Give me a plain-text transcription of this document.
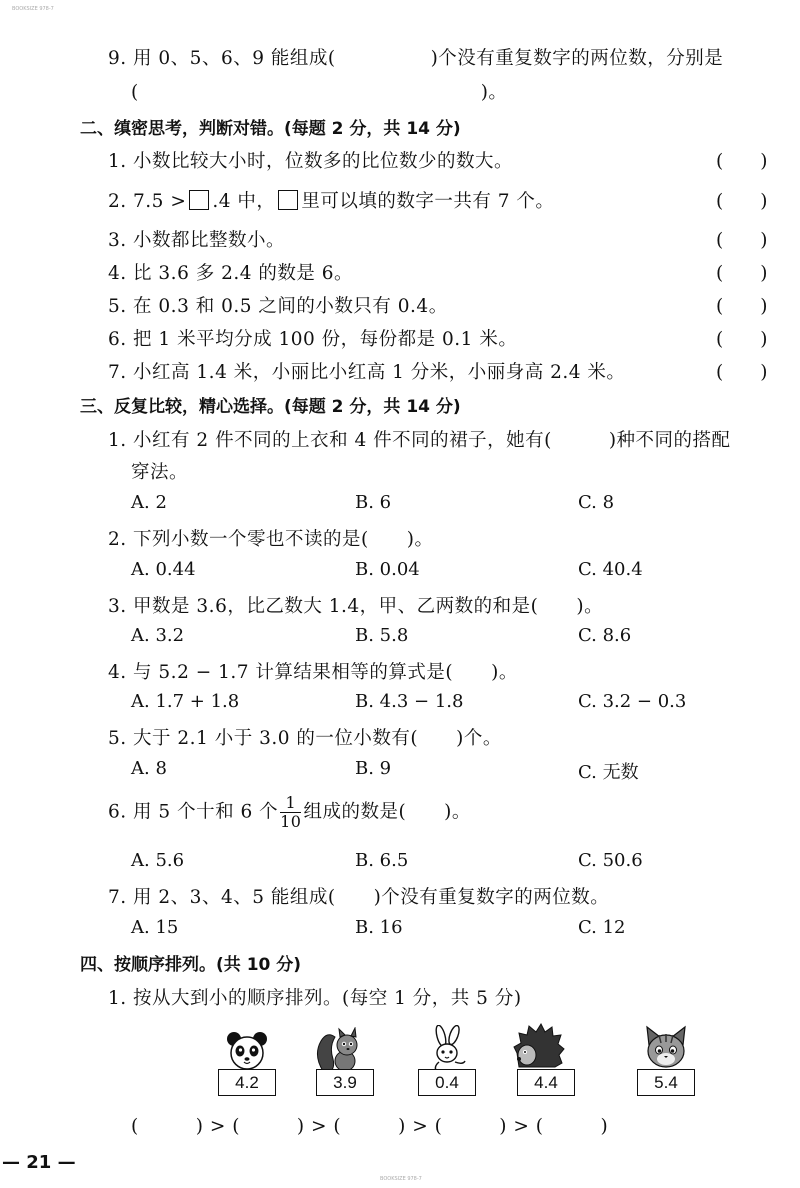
BOOKSIZE 978-7
9. 用 0、5、6、9 能组成(　　　　　)个没有重复数字的两位数，分别是
(　　　　　　　　　　　　　　　　　　)。
二、缜密思考，判断对错。(每题 2 分，共 14 分)
1. 小数比较大小时，位数多的比位数少的数大。	(　　)
2. 7.5 > .4 中， 里可以填的数字一共有 7 个。	(　　)
3. 小数都比整数小。	(　　)
4. 比 3.6 多 2.4 的数是 6。	(　　)
5. 在 0.3 和 0.5 之间的小数只有 0.4。	(　　)
6. 把 1 米平均分成 100 份，每份都是 0.1 米。	(　　)
7. 小红高 1.4 米，小丽比小红高 1 分米，小丽身高 2.4 米。	(　　)
三、反复比较，精心选择。(每题 2 分，共 14 分)
1. 小红有 2 件不同的上衣和 4 件不同的裙子，她有(　　　)种不同的搭配
穿法。
A. 2	B. 6	C. 8
2. 下列小数一个零也不读的是(　　)。
A. 0.44	B. 0.04	C. 40.4
3. 甲数是 3.6，比乙数大 1.4，甲、乙两数的和是(　　)。
A. 3.2	B. 5.8	C. 8.6
4. 与 5.2 − 1.7 计算结果相等的算式是(　　)。
A. 1.7 + 1.8	B. 4.3 − 1.8	C. 3.2 − 0.3
5. 大于 2.1 小于 3.0 的一位小数有(　　)个。
A. 8	B. 9	C. 无数
6. 用 5 个十和 6 个 $\frac{1}{10}$ 组成的数是(　　)。
A. 5.6	B. 6.5	C. 50.6
7. 用 2、3、4、5 能组成(　　)个没有重复数字的两位数。
A. 15	B. 16	C. 12
四、按顺序排列。(共 10 分)
1. 按从大到小的顺序排列。(每空 1 分，共 5 分)
4.2	3.9	0.4	4.4	5.4
(　　　) > (　　　) > (　　　) > (　　　) > (　　　)
— 21 —
BOOKSIZE 978-7
